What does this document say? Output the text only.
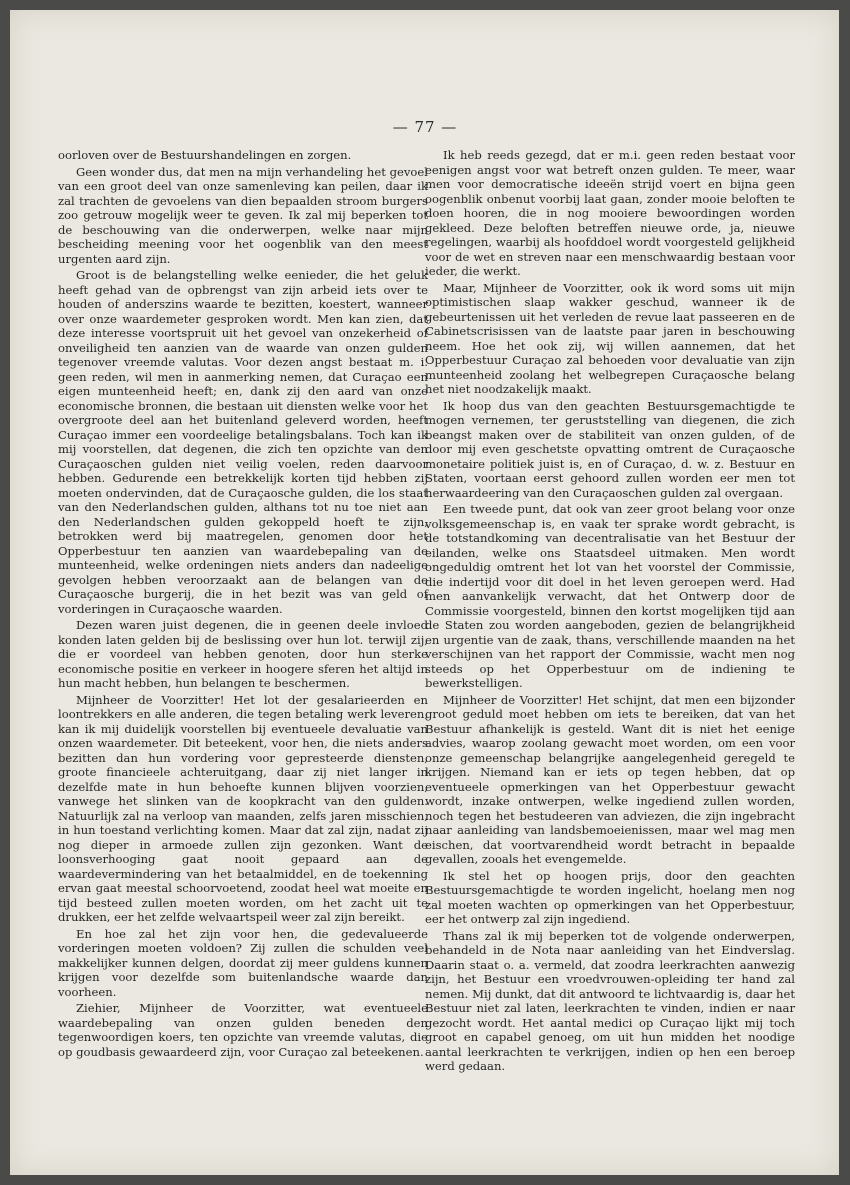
— 77 —

oorloven over de Bestuurshandelingen en zorgen.

Geen wonder dus, dat men na mijn verhandeling het gevoel van een groot deel van onze samenleving kan peilen, daar ik zal trachten de gevoelens van dien bepaalden stroom burgers zoo getrouw mogelijk weer te geven. Ik zal mij beperken tot de beschouwing van die onderwerpen, welke naar mijn bescheiding meening voor het oogenblik van den meest urgenten aard zijn.

Groot is de belangstelling welke eenieder, die het geluk heeft gehad van de opbrengst van zijn arbeid iets over te houden of anderszins waarde te bezitten, koestert, wanneer over onze waardemeter gesproken wordt. Men kan zien, dat deze interesse voortspruit uit het gevoel van onzekerheid of onveiligheid ten aanzien van de waarde van onzen gulden tegenover vreemde valutas. Voor dezen angst bestaat m. i. geen reden, wil men in aanmerking nemen, dat Curaçao een eigen munteenheid heeft; en, dank zij den aard van onze economische bronnen, die bestaan uit diensten welke voor het overgroote deel aan het buitenland geleverd worden, heeft Curaçao immer een voordeelige betalingsbalans. Toch kan ik mij voorstellen, dat degenen, die zich ten opzichte van den Curaçaoschen gulden niet veilig voelen, reden daarvoor hebben. Gedurende een betrekkelijk korten tijd hebben zij moeten ondervinden, dat de Curaçaosche gulden, die los staat van den Nederlandschen gulden, althans tot nu toe niet aan den Nederlandschen gulden gekoppeld hoeft te zijn, betrokken werd bij maatregelen, genomen door het Opperbestuur ten aanzien van waardebepaling van de munteenheid, welke ordeningen niets anders dan nadeelige gevolgen hebben veroorzaakt aan de belangen van de Curaçaosche burgerij, die in het bezit was van geld of vorderingen in Curaçaosche waarden.

Dezen waren juist degenen, die in geenen deele invloed konden laten gelden bij de beslissing over hun lot. terwijl zij, die er voordeel van hebben genoten, door hun sterke economische positie en verkeer in hoogere sferen het altijd in hun macht hebben, hun belangen te beschermen.

Mijnheer de Voorzitter! Het lot der gesalarieerden en loontrekkers en alle anderen, die tegen betaling werk leveren, kan ik mij duidelijk voorstellen bij eventueele devaluatie van onzen waardemeter. Dit beteekent, voor hen, die niets anders bezitten dan hun vordering voor gepresteerde diensten, groote financieele achteruitgang, daar zij niet langer in dezelfde mate in hun behoefte kunnen blijven voorzien, vanwege het slinken van de koopkracht van den gulden. Natuurlijk zal na verloop van maanden, zelfs jaren misschien, in hun toestand verlichting komen. Maar dat zal zijn, nadat zij nog dieper in armoede zullen zijn gezonken. Want de loonsverhooging gaat nooit gepaard aan de waardevermindering van het betaalmiddel, en de toekenning ervan gaat meestal schoorvoetend, zoodat heel wat moeite en tijd besteed zullen moeten worden, om het zacht uit te drukken, eer het zelfde welvaartspeil weer zal zijn bereikt.

En hoe zal het zijn voor hen, die gedevalueerde vorderingen moeten voldoen? Zij zullen die schulden veel makkelijker kunnen delgen, doordat zij meer guldens kunnen krijgen voor dezelfde som buitenlandsche waarde dan voorheen.

Ziehier, Mijnheer de Voorzitter, wat eventueele waardebepaling van onzen gulden beneden den tegenwoordigen koers, ten opzichte van vreemde valutas, die op goudbasis gewaardeerd zijn, voor Curaçao zal beteekenen.

Ik heb reeds gezegd, dat er m.i. geen reden bestaat voor eenigen angst voor wat betreft onzen gulden. Te meer, waar men voor democratische ideeën strijd voert en bijna geen oogenblik onbenut voorbij laat gaan, zonder mooie beloften te doen hooren, die in nog mooiere bewoordingen worden gekleed. Deze beloften betreffen nieuwe orde, ja, nieuwe regelingen, waarbij als hoofddoel wordt voorgesteld gelijkheid voor de wet en streven naar een menschwaardig bestaan voor ieder, die werkt.

Maar, Mijnheer de Voorzitter, ook ik word soms uit mijn optimistischen slaap wakker geschud, wanneer ik de gebeurtenissen uit het verleden de revue laat passeeren en de Cabinetscrisissen van de laatste paar jaren in beschouwing neem. Hoe het ook zij, wij willen aannemen, dat het Opperbestuur Curaçao zal behoeden voor devaluatie van zijn munteenheid zoolang het welbegrepen Curaçaosche belang het niet noodzakelijk maakt.

Ik hoop dus van den geachten Bestuursgemachtigde te mogen vernemen, ter geruststelling van diegenen, die zich beangst maken over de stabiliteit van onzen gulden, of de door mij even geschetste opvatting omtrent de Curaçaosche monetaire politiek juist is, en of Curaçao, d. w. z. Bestuur en Staten, voortaan eerst gehoord zullen worden eer men tot herwaardeering van den Curaçaoschen gulden zal overgaan.

Een tweede punt, dat ook van zeer groot belang voor onze volksgemeenschap is, en vaak ter sprake wordt gebracht, is de totstandkoming van decentralisatie van het Bestuur der eilanden, welke ons Staatsdeel uitmaken. Men wordt ongeduldig omtrent het lot van het voorstel der Commissie, die indertijd voor dit doel in het leven geroepen werd. Had men aanvankelijk verwacht, dat het Ontwerp door de Commissie voorgesteld, binnen den kortst mogelijken tijd aan de Staten zou worden aangeboden, gezien de belangrijkheid en urgentie van de zaak, thans, verschillende maanden na het verschijnen van het rapport der Commissie, wacht men nog steeds op het Opperbestuur om de indiening te bewerkstelligen.

Mijnheer de Voorzitter! Het schijnt, dat men een bijzonder groot geduld moet hebben om iets te bereiken, dat van het Bestuur afhankelijk is gesteld. Want dit is niet het eenige advies, waarop zoolang gewacht moet worden, om een voor onze gemeenschap belangrijke aangelegenheid geregeld te krijgen. Niemand kan er iets op tegen hebben, dat op eventueele opmerkingen van het Opperbestuur gewacht wordt, inzake ontwerpen, welke ingediend zullen worden, noch tegen het bestudeeren van adviezen, die zijn ingebracht naar aanleiding van landsbemoeienissen, maar wel mag men eischen, dat voortvarendheid wordt betracht in bepaalde gevallen, zooals het evengemelde.

Ik stel het op hoogen prijs, door den geachten Bestuursgemachtigde te worden ingelicht, hoelang men nog zal moeten wachten op opmerkingen van het Opperbestuur, eer het ontwerp zal zijn ingediend.

Thans zal ik mij beperken tot de volgende onderwerpen, behandeld in de Nota naar aanleiding van het Eindverslag. Daarin staat o. a. vermeld, dat zoodra leerkrachten aanwezig zijn, het Bestuur een vroedvrouwen-opleiding ter hand zal nemen. Mij dunkt, dat dit antwoord te lichtvaardig is, daar het Bestuur niet zal laten, leerkrachten te vinden, indien er naar gezocht wordt. Het aantal medici op Curaçao lijkt mij toch groot en capabel genoeg, om uit hun midden het noodige aantal leerkrachten te verkrijgen, indien op hen een beroep werd gedaan.
